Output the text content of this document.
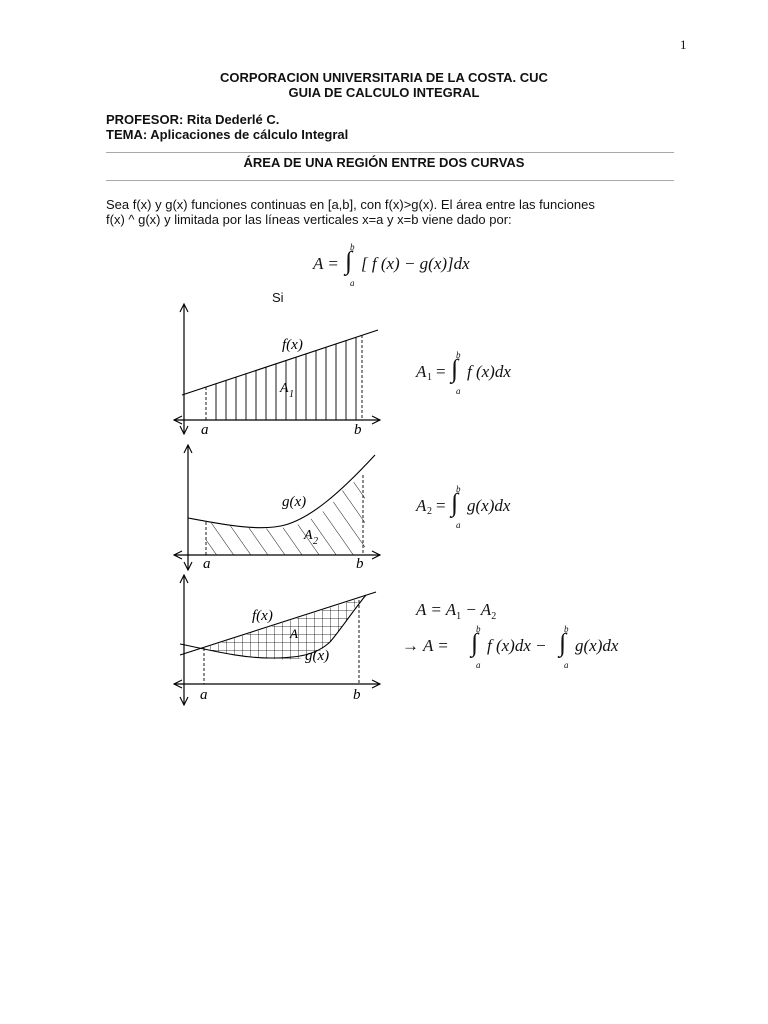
1
CORPORACION UNIVERSITARIA DE LA COSTA. CUC
GUIA DE CALCULO INTEGRAL
PROFESOR: Rita Dederlé C.
TEMA: Aplicaciones de cálculo Integral
ÁREA DE UNA REGIÓN ENTRE DOS CURVAS
Sea f(x) y g(x) funciones continuas en [a,b], con f(x)>g(x). El área entre las funciones
f(x) ^ g(x) y limitada por las líneas verticales x=a y x=b viene dado por:
A =
b
∫
a
[ f (x) − g(x)]dx
Si
f(x)
A 1
a	b
A 1 =
b
∫
a
f (x)dx
g(x)
A 2
a	b
A 2 =
b
∫
a
g(x)dx
f(x)
A
g(x)
a	b
$A = A_1 - A_2$
→ A =
b
∫
a
f (x)dx −
b
∫
a
g(x)dx
